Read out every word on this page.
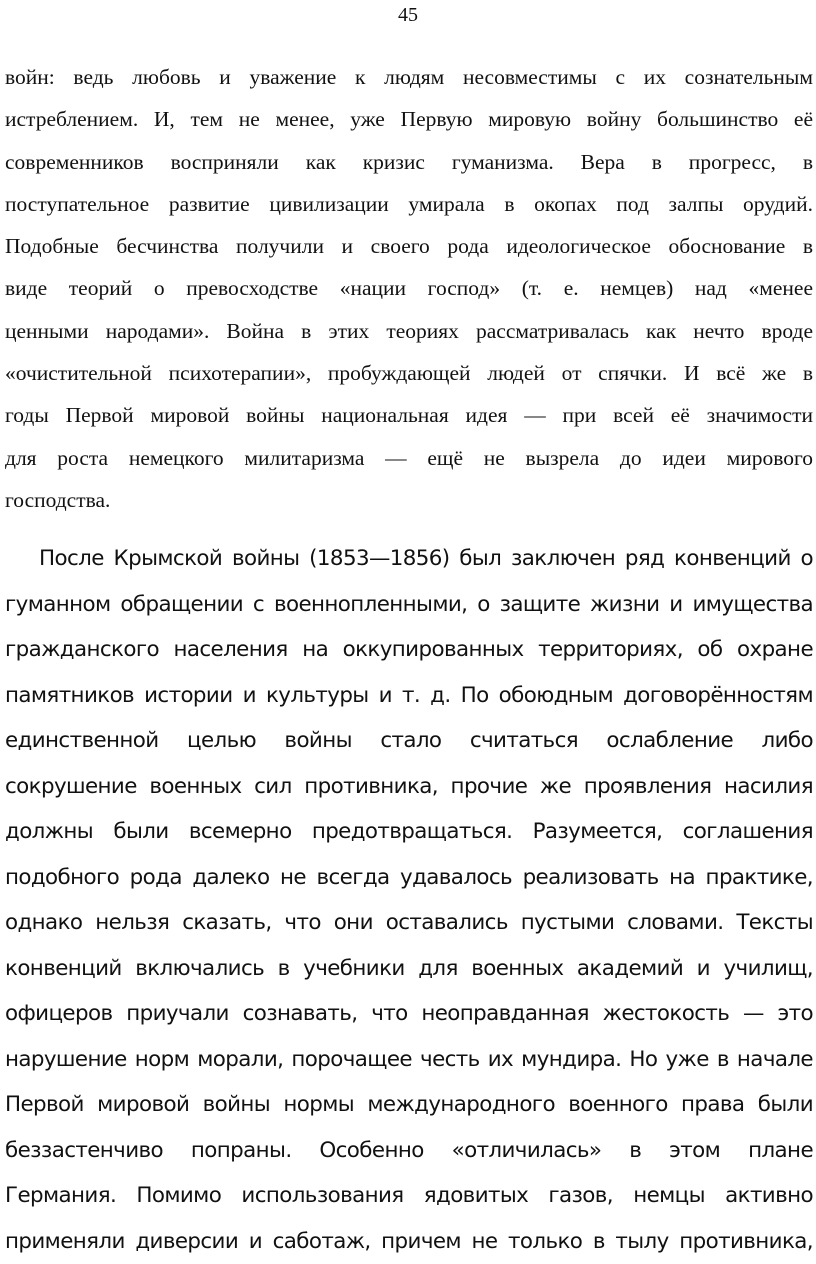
45
войн: ведь любовь и уважение к людям несовместимы с их сознательным
истреблением. И, тем не менее, уже Первую мировую войну большинство её
современников восприняли как кризис гуманизма. Вера в прогресс, в
поступательное развитие цивилизации умирала в окопах под залпы орудий.
Подобные бесчинства получили и своего рода идеологическое обоснование в
виде теорий о превосходстве «нации господ» (т. е. немцев) над «менее
ценными народами». Война в этих теориях рассматривалась как нечто вроде
«очистительной психотерапии», пробуждающей людей от спячки. И всё же в
годы Первой мировой войны национальная идея — при всей её значимости
для роста немецкого милитаризма — ещё не вызрела до идеи мирового
господства.
После Крымской войны (1853—1856) был заключен ряд конвенций о
гуманном обращении с военнопленными, о защите жизни и имущества
гражданского населения на оккупированных территориях, об охране
памятников истории и культуры и т. д. По обоюдным договорённостям
единственной целью войны стало считаться ослабление либо
сокрушение военных сил противника, прочие же проявления насилия
должны были всемерно предотвращаться. Разумеется, соглашения
подобного рода далеко не всегда удавалось реализовать на практике,
однако нельзя сказать, что они оставались пустыми словами. Тексты
конвенций включались в учебники для военных академий и училищ,
офицеров приучали сознавать, что неоправданная жестокость — это
нарушение норм морали, порочащее честь их мундира. Но уже в начале
Первой мировой войны нормы международного военного права были
беззастенчиво попраны. Особенно «отличилась» в этом плане
Германия. Помимо использования ядовитых газов, немцы активно
применяли диверсии и саботаж, причем не только в тылу противника,
